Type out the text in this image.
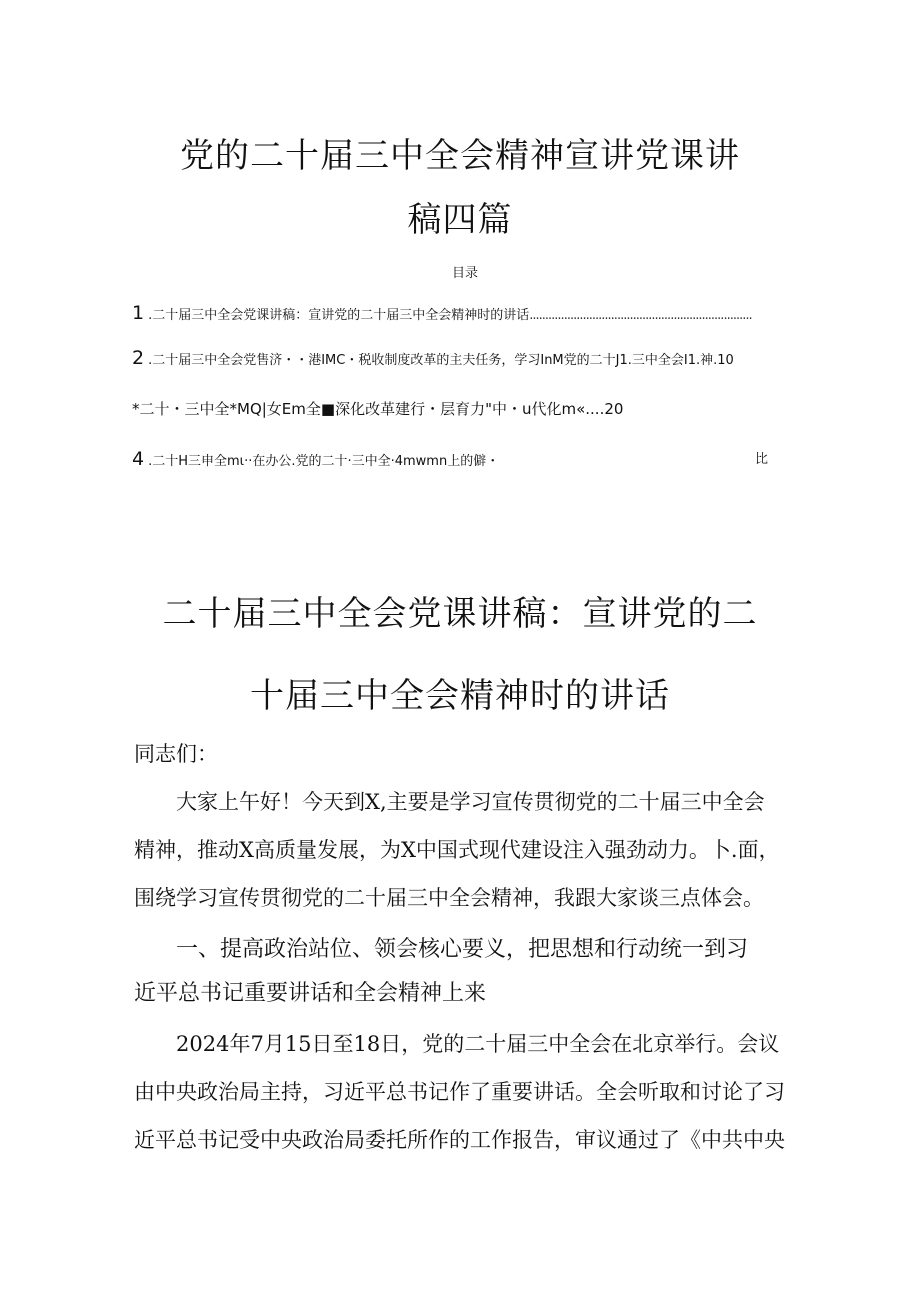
党的二十届三中全会精神宣讲党课讲
稿四篇
目录
1 .二十届三中全会党课讲稿：宣讲党的二十届三中全会精神时的讲话.......................................................................
2 .二十届三中全会党售济・・港IMC・税收制度改革的主夫任务，学习InM党的二十J1.三中全会I1.神.10
*二十・三中全*MQ|女Em全■深化改革建行・层育力"中・u代化m«....20
4 .二十H三申全mι··在办公.党的二十·三中全·4mwmn上的僻・	比
二十届三中全会党课讲稿：宣讲党的二
十届三中全会精神时的讲话
同志们：
大家上午好！今天到X,主要是学习宣传贯彻党的二十届三中全会
精神，推动X高质量发展，为X中国式现代建设注入强劲动力。卜.面，
围绕学习宣传贯彻党的二十届三中全会精神，我跟大家谈三点体会。
一、提高政治站位、领会核心要义，把思想和行动统一到习
近平总书记重要讲话和全会精神上来
2024年7月15日至18日，党的二十届三中全会在北京举行。会议
由中央政治局主持，习近平总书记作了重要讲话。全会听取和讨论了习
近平总书记受中央政治局委托所作的工作报告，审议通过了《中共中央
